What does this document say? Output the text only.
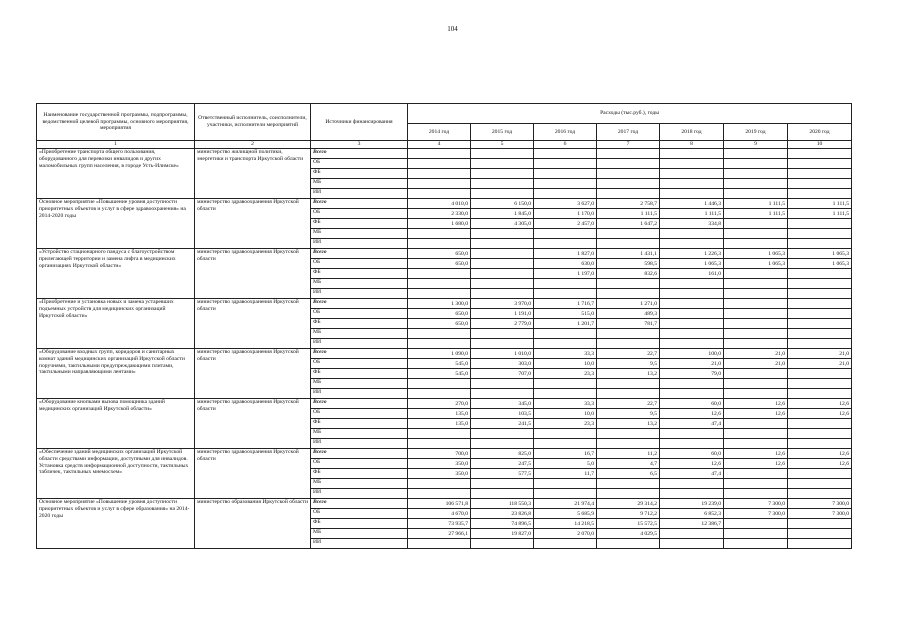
104
Наименование государственной программы, подпрограммы, ведомственной целевой программы, основного мероприятия, мероприятия	Ответственный исполнитель, соисполнители, участники, исполнители мероприятий	Источники финансирования	Расходы (тыс.руб.), годы						
			2014 год	2015 год	2016 год	2017 год	2018 год	2019 год	2020 год
1	2	3	4	5	6	7	8	9	10
«Приобретение транспорта общего пользования, оборудованного для перевозки инвалидов и других маломобильных групп населения, в городе Усть-Илимске»	министерство жилищной политики, энергетики и транспорта Иркутской области	Всего							
		ОБ							
		ФБ							
		МБ							
		ИИ							
Основное мероприятие «Повышение уровня доступности приоритетных объектов и услуг в сфере здравоохранения» на 2014-2020 годы	министерство здравоохранения Иркутской области	Всего	4 010,0	6 150,0	3 627,0	2 758,7	1 446,3	1 111,5	1 111,5
		ОБ	2 330,0	1 845,0	1 170,0	1 111,5	1 111,5	1 111,5	1 111,5
		ФБ	1 680,0	4 305,0	2 457,0	1 647,2	334,8		
		МБ							
		ИИ							
«Устройство стационарного пандуса с благоустройством прилегающей территории и замена лифта в медицинских организациях Иркутской области»	министерство здравоохранения Иркутской области	Всего	650,0		1 827,0	1 431,1	1 226,3	1 065,3	1 065,3
		ОБ	650,0		630,0	598,5	1 065,3	1 065,3	1 065,3
		ФБ			1 197,0	832,6	161,0		
		МБ							
		ИИ							
«Приобретение и установка новых и замена устаревших подъемных устройств для медицинских организаций Иркутской области»	министерство здравоохранения Иркутской области	Всего	1 300,0	3 970,0	1 716,7	1 271,0			
		ОБ	650,0	1 191,0	515,0	489,3			
		ФБ	650,0	2 779,0	1 201,7	781,7			
		МБ							
		ИИ							
«Оборудование входных групп, коридоров и санитарных комнат зданий медицинских организаций Иркутской области поручнями, тактильными предупреждающими плитами, тактильными направляющими лентами»	министерство здравоохранения Иркутской области	Всего	1 090,0	1 010,0	33,3	22,7	100,0	21,0	21,0
		ОБ	545,0	303,0	10,0	9,5	21,0	21,0	21,0
		ФБ	545,0	707,0	23,3	13,2	79,0		
		МБ							
		ИИ							
«Оборудование кнопками вызова помощника зданий медицинских организаций Иркутской области»	министерство здравоохранения Иркутской области	Всего	270,0	345,0	33,3	22,7	60,0	12,6	12,6
		ОБ	135,0	103,5	10,0	9,5	12,6	12,6	12,6
		ФБ	135,0	241,5	23,3	13,2	47,4		
		МБ							
		ИИ							
«Обеспечение зданий медицинских организаций Иркутской области средствами информации, доступными для инвалидов. Установка средств информационной доступности, тактильных табличек, тактильных мнемосхем»	министерство здравоохранения Иркутской области	Всего	700,0	825,0	16,7	11,2	60,0	12,6	12,6
		ОБ	350,0	247,5	5,0	4,7	12,6	12,6	12,6
		ФБ	350,0	577,5	11,7	6,5	47,4		
		МБ							
		ИИ							
Основное мероприятие «Повышение уровня доступности приоритетных объектов и услуг в сфере образования» на 2014-2020 годы	министерство образования Иркутской области	Всего	106 571,8	118 550,3	21 974,4	29 314,2	19 239,0	7 300,0	7 300,0
		ОБ	4 670,0	23 826,8	5 685,9	9 712,2	6 852,3	7 300,0	7 300,0
		ФБ	73 935,7	74 896,5	14 218,5	15 572,5	12 386,7		
		МБ	27 966,1	19 827,0	2 070,0	4 029,5			
		ИИ							
